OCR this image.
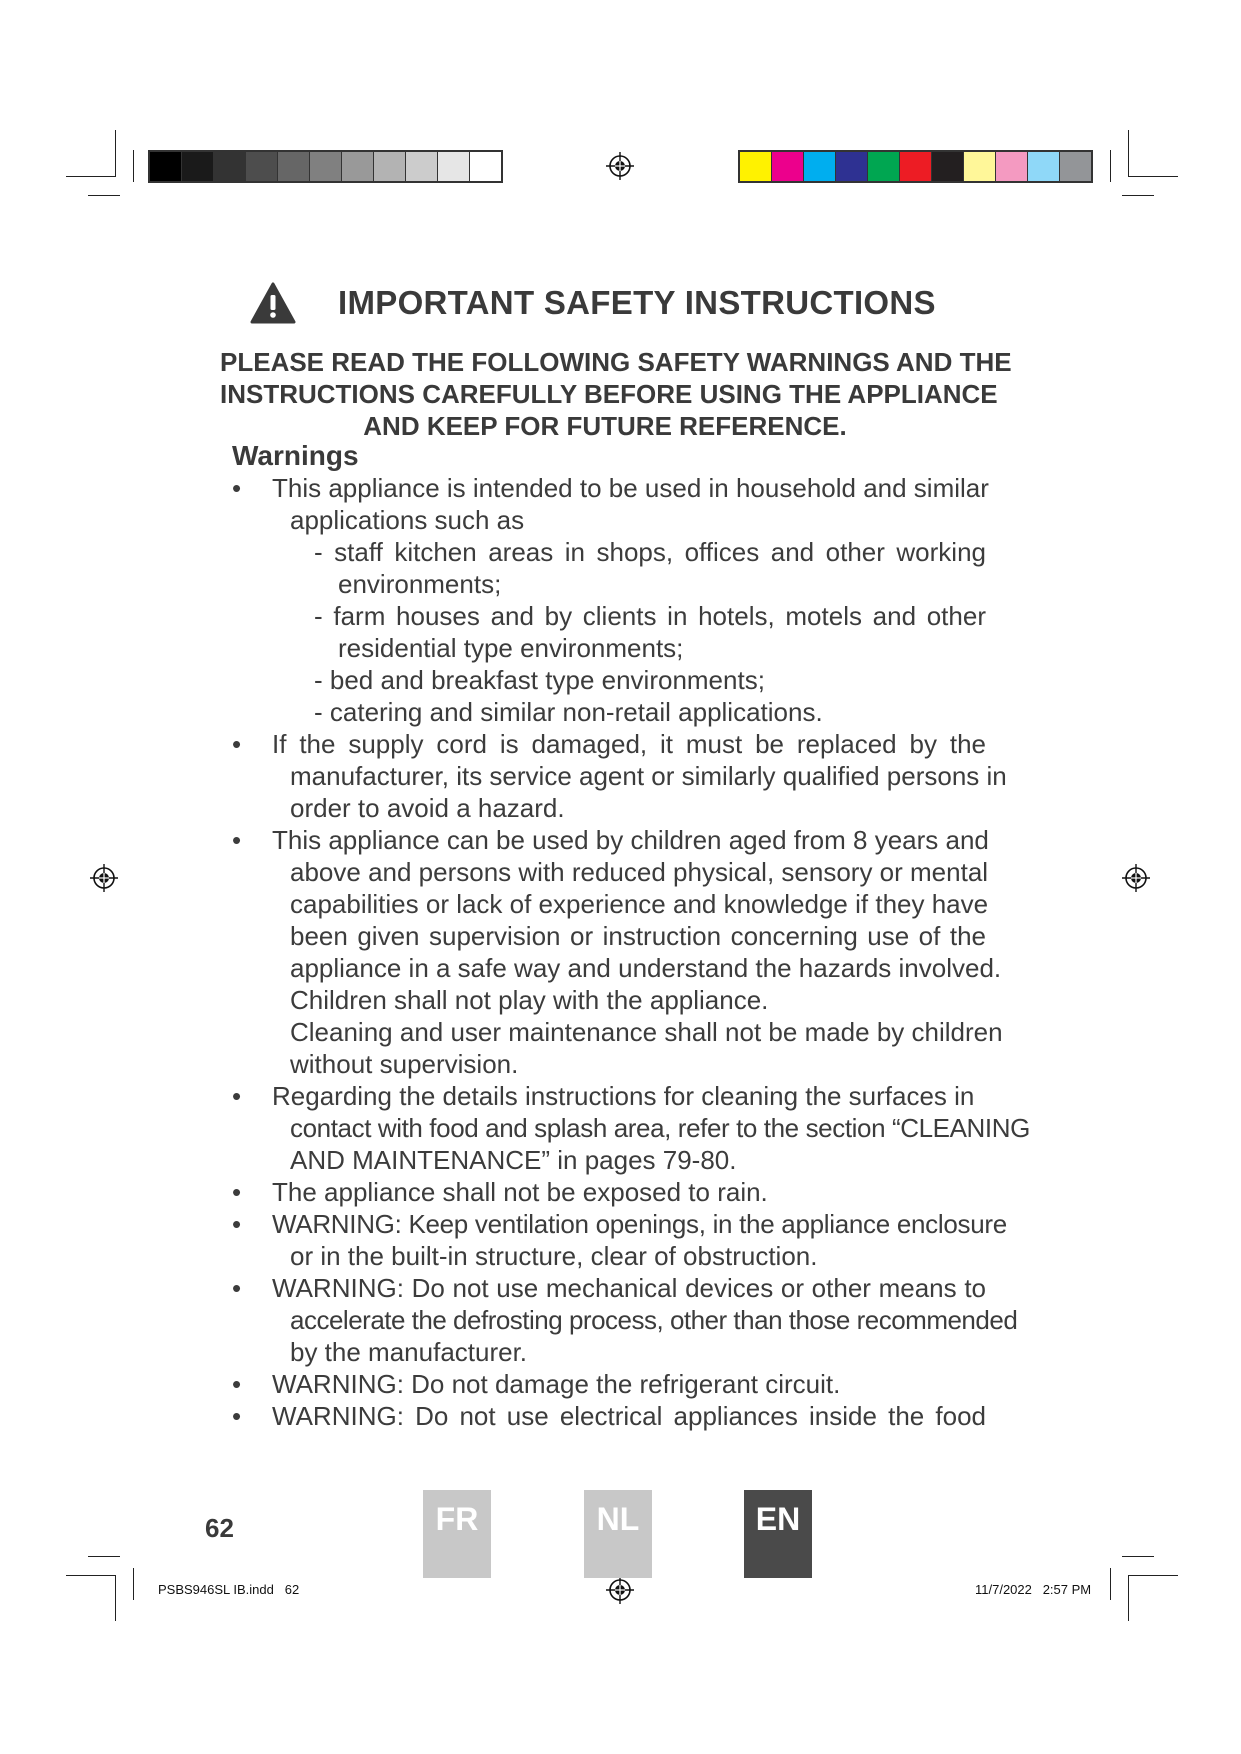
IMPORTANT SAFETY INSTRUCTIONS
PLEASE READ THE FOLLOWING SAFETY WARNINGS AND THE
INSTRUCTIONS CAREFULLY BEFORE USING THE APPLIANCE
AND KEEP FOR FUTURE REFERENCE.
Warnings
•	This appliance is intended to be used in household and similar
applications such as
- staff kitchen areas in shops, offices and other working
environments;
- farm houses and by clients in hotels, motels and other
residential type environments;
- bed and breakfast type environments;
- catering and similar non-retail applications.
•	If the supply cord is damaged, it must be replaced by the
manufacturer, its service agent or similarly qualified persons in
order to avoid a hazard.
•	This appliance can be used by children aged from 8 years and
above and persons with reduced physical, sensory or mental
capabilities or lack of experience and knowledge if they have
been given supervision or instruction concerning use of the
appliance in a safe way and understand the hazards involved.
Children shall not play with the appliance.
Cleaning and user maintenance shall not be made by children
without supervision.
•	Regarding the details instructions for cleaning the surfaces in
contact with food and splash area, refer to the section “CLEANING
AND MAINTENANCE” in pages 79-80.
•	The appliance shall not be exposed to rain.
•	WARNING: Keep ventilation openings, in the appliance enclosure
or in the built-in structure, clear of obstruction.
•	WARNING: Do not use mechanical devices or other means to
accelerate the defrosting process, other than those recommended
by the manufacturer.
•	WARNING: Do not damage the refrigerant circuit.
•	WARNING: Do not use electrical appliances inside the food
62	FR	NL	EN
PSBS946SL IB.indd   62	11/7/2022   2:57 PM
